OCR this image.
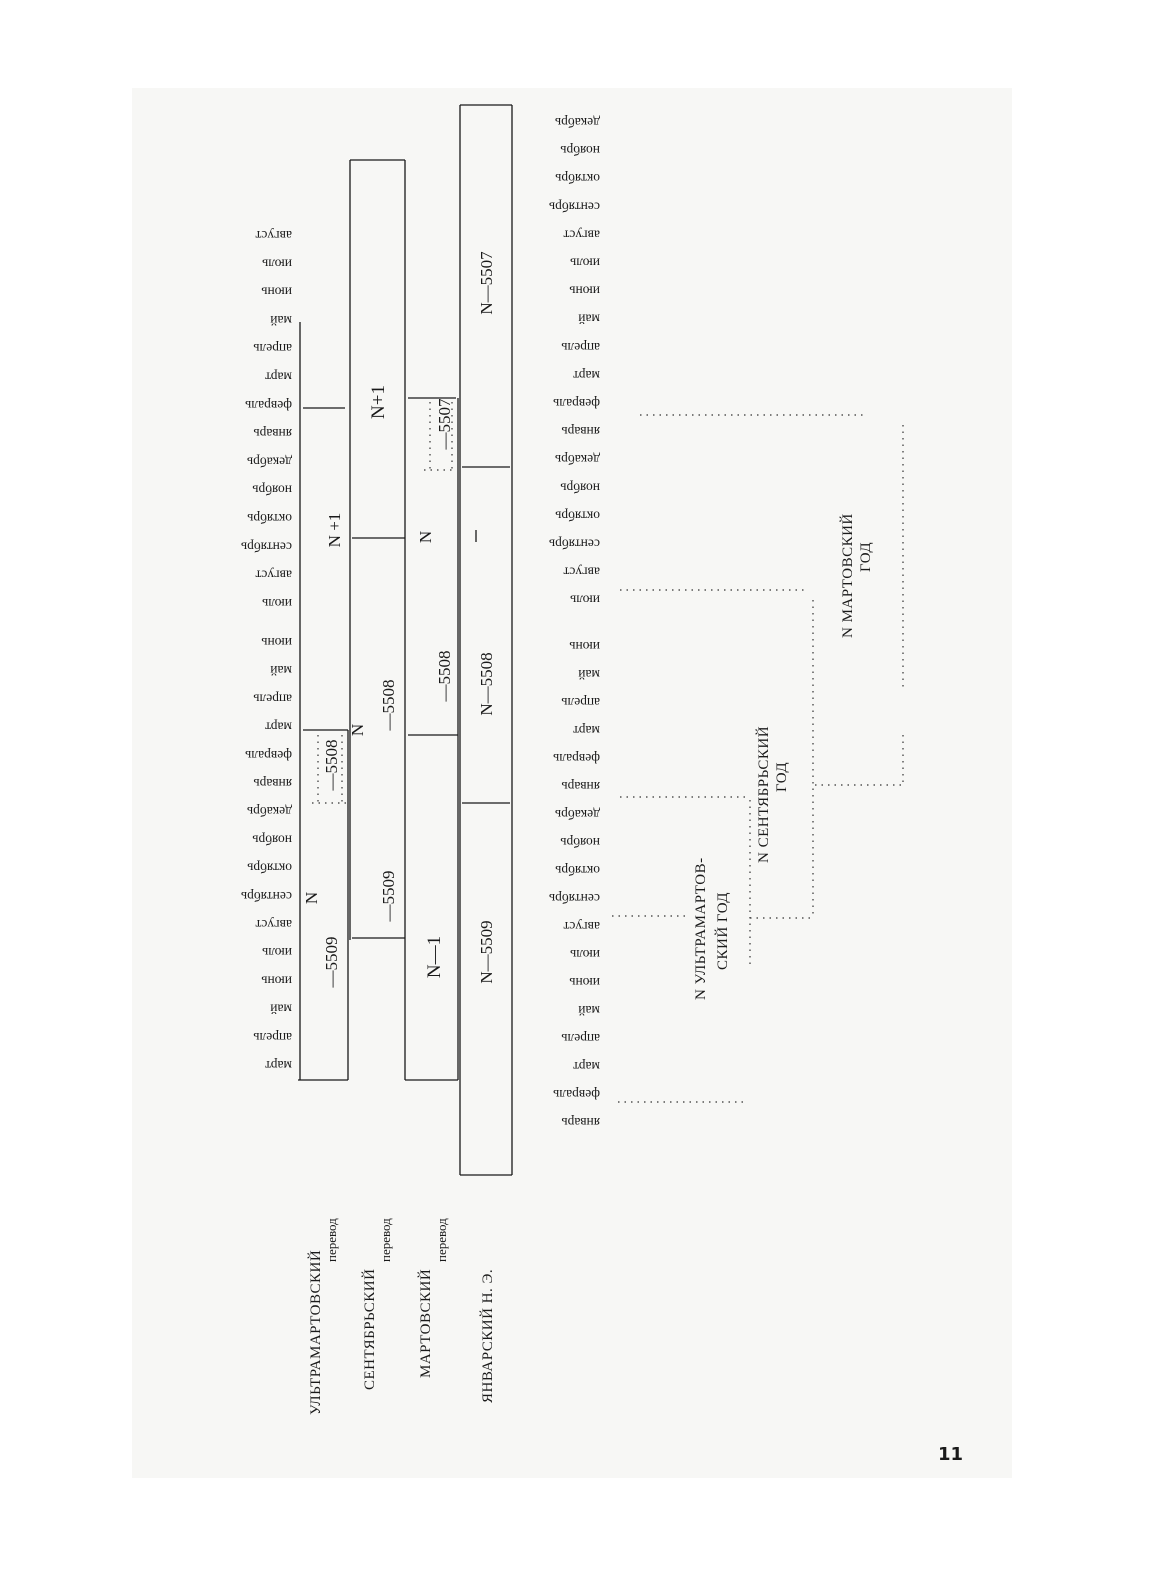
август
июль
июнь
май
апрель
март
февраль
январь
декабрь
ноябрь
октябрь
сентябрь
август
июль
июнь
май
апрель
март
февраль
январь
декабрь
ноябрь
октябрь
сентябрь
август
июль
июнь
май
апрель
март
декабрь
ноябрь
октябрь
сентябрь
август
июль
июнь
май
апрель
март
февраль
январь
декабрь
ноябрь
октябрь
сентябрь
август
июль
июнь
май
апрель
март
февраль
январь
декабрь
ноябрь
октябрь
сентябрь
август
июль
июнь
май
апрель
март
февраль
январь
N +1
—5508
N
—5509
N+1
N —5508
—5509
—5507
N
—5508
N—1
N—5507
N—5508
N—5509
УЛЬТРАМАРТОВСКИЙ
перевод
СЕНТЯБРЬСКИЙ
перевод
МАРТОВСКИЙ
перевод
ЯНВАРСКИЙ Н. Э.
N УЛЬТРАМАРТОВ- СКИЙ ГОД
N СЕНТЯБРЬСКИЙ ГОД
N МАРТОВСКИЙ ГОД
11
